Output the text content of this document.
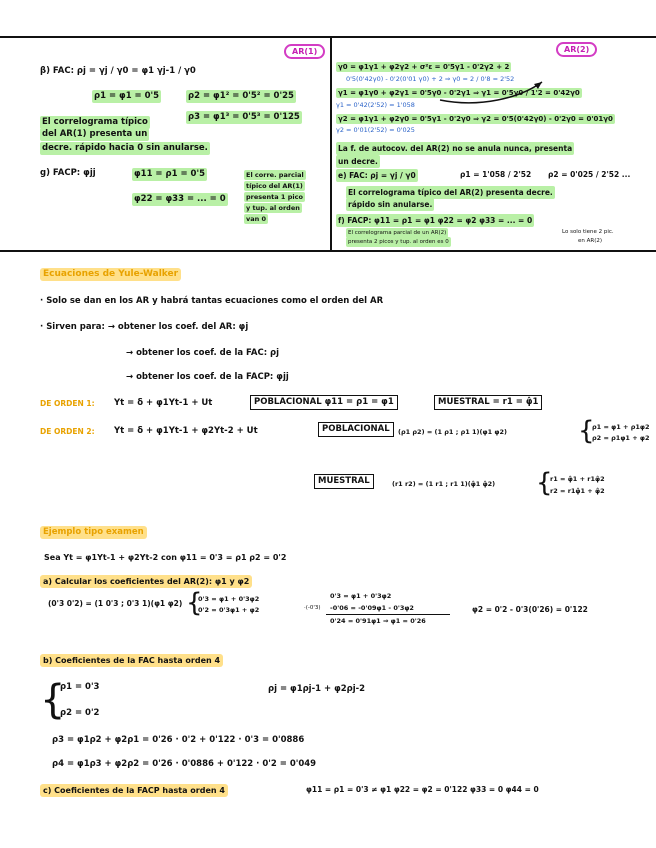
AR(1)
β) FAC: ρj = γj / γ0 = φ1 γj-1 / γ0
ρ1 = φ1 = 0'5	ρ2 = φ1² = 0'5² = 0'25
ρ3 = φ1³ = 0'5³ = 0'125
El correlograma típico
del AR(1) presenta un
decre. rápido hacia 0 sin anularse.
g) FACP: φjj	φ11 = ρ1 = 0'5
φ22 = φ33 = ... = 0
El corre. parcial
típico del AR(1)
presenta 1 pico
y tup. al orden
van 0
AR(2)
γ0 = φ1γ1 + φ2γ2 + σ²ε = 0'5γ1 - 0'2γ2 + 2
0'5(0'42γ0) - 0'2(0'01 γ0) + 2 ⇒ γ0 = 2 / 0'8 = 2'52
γ1 = φ1γ0 + φ2γ1 = 0'5γ0 - 0'2γ1 ⇒ γ1 = 0'5γ0 / 1'2 = 0'42γ0
γ1 = 0'42(2'52) = 1'058
γ2 = φ1γ1 + φ2γ0 = 0'5γ1 - 0'2γ0 ⇒ γ2 = 0'5(0'42γ0) - 0'2γ0 = 0'01γ0
γ2 = 0'01(2'52) = 0'025
La f. de autocov. del AR(2) no se anula nunca, presenta
un decre.
e) FAC: ρj = γj / γ0	ρ1 = 1'058 / 2'52 ρ2 = 0'025 / 2'52 ...
El correlograma típico del AR(2) presenta decre.
rápido sin anularse.
f) FACP: φ11 = ρ1 = φ1 φ22 = φ2 φ33 = ... = 0
El correlograma parcial de un AR(2)
presenta 2 picos y tup. al orden es 0
Lo solo tiene 2 pic.
en AR(2)
Ecuaciones de Yule-Walker
· Solo se dan en los AR y habrá tantas ecuaciones como el orden del AR
· Sirven para: → obtener los coef. del AR: φj
→ obtener los coef. de la FAC: ρj
→ obtener los coef. de la FACP: φjj
DE ORDEN 1: Yt = δ + φ1Yt-1 + Ut	POBLACIONAL φ11 = ρ1 = φ1	MUESTRAL = r1 = φ̂1
DE ORDEN 2: Yt = δ + φ1Yt-1 + φ2Yt-2 + Ut	POBLACIONAL	(ρ1 ρ2) = (1 ρ1 ; ρ1 1)(φ1 φ2)	{
ρ1 = φ1 + ρ1φ2
ρ2 = ρ1φ1 + φ2
MUESTRAL	(r1 r2) = (1 r1 ; r1 1)(φ̂1 φ̂2) {
r1 = φ̂1 + r1φ̂2
r2 = r1φ̂1 + φ̂2
Ejemplo tipo examen
Sea Yt = φ1Yt-1 + φ2Yt-2 con φ11 = 0'3 = ρ1 ρ2 = 0'2
a) Calcular los coeficientes del AR(2): φ1 y φ2
(0'3 0'2) = (1 0'3 ; 0'3 1)(φ1 φ2) {
0'3 = φ1 + 0'3φ2
0'2 = 0'3φ1 + φ2
0'3 = φ1 + 0'3φ2
·(-0'3) -0'06 = -0'09φ1 - 0'3φ2
0'24 = 0'91φ1 ⇒ φ1 = 0'26
φ2 = 0'2 - 0'3(0'26) = 0'122
b) Coeficientes de la FAC hasta orden 4
{
ρ1 = 0'3
ρ2 = 0'2
ρj = φ1ρj-1 + φ2ρj-2
ρ3 = φ1ρ2 + φ2ρ1 = 0'26 · 0'2 + 0'122 · 0'3 = 0'0886
ρ4 = φ1ρ3 + φ2ρ2 = 0'26 · 0'0886 + 0'122 · 0'2 = 0'049
c) Coeficientes de la FACP hasta orden 4	φ11 = ρ1 = 0'3 ≠ φ1 φ22 = φ2 = 0'122 φ33 = 0 φ44 = 0
